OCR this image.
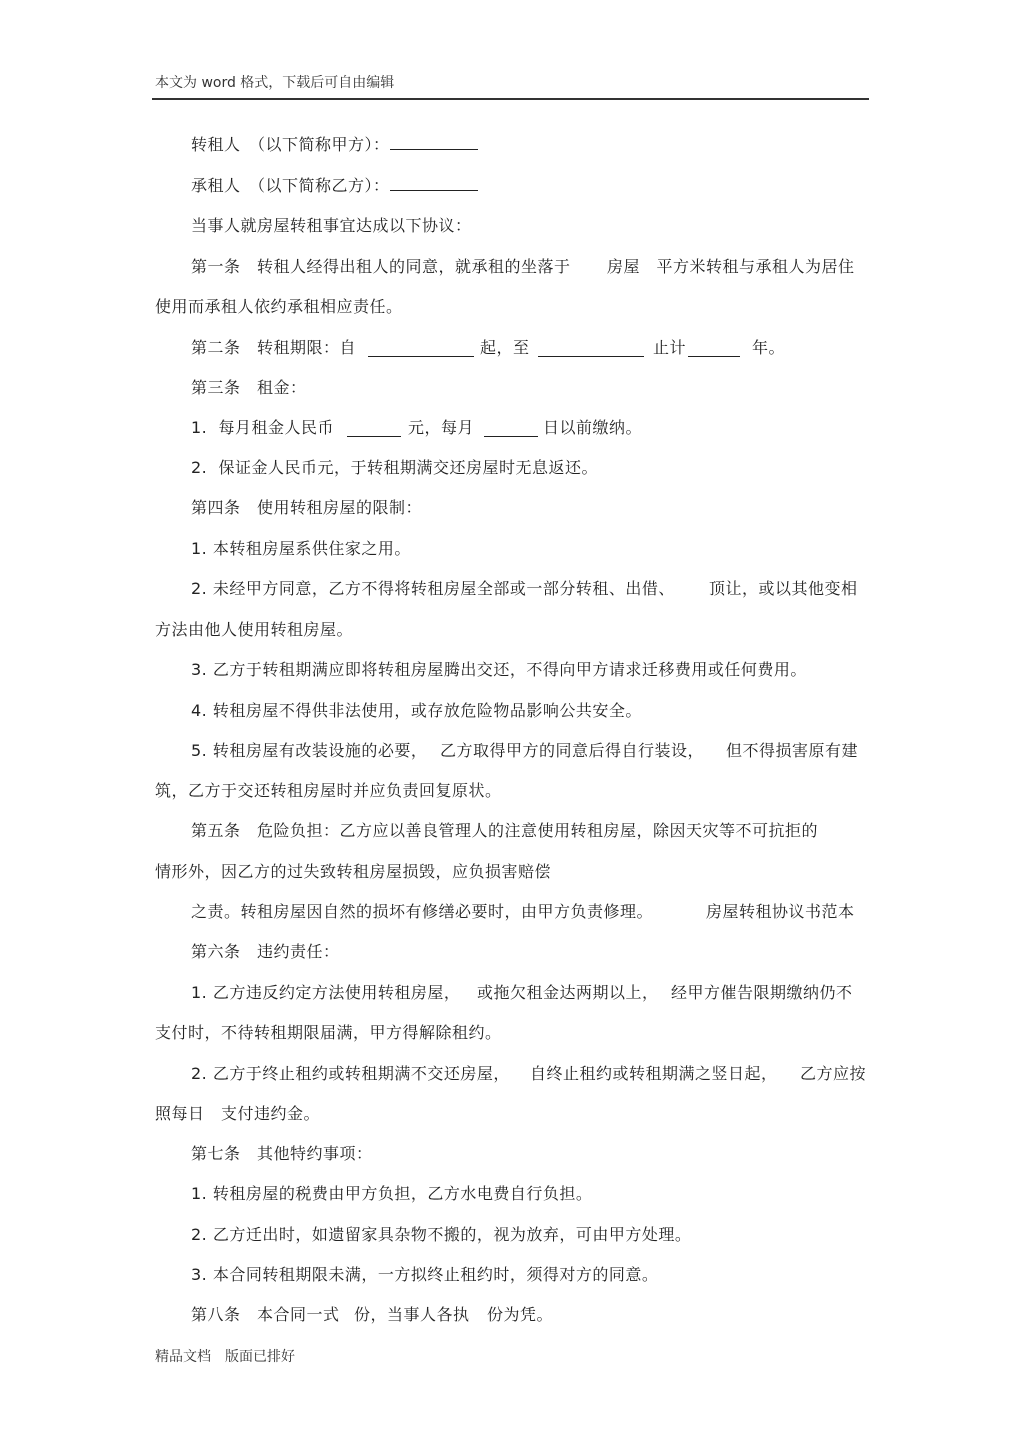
本文为 word 格式，下载后可自由编辑
转租人　（以下简称甲方）：
承租人　（以下简称乙方）：
当事人就房屋转租事宜达成以下协议：
第一条　转租人经得出租人的同意，就承租的坐落于 房屋　平方米转租与承租人为居住
使用而承租人依约承租相应责任。
第二条　转租期限：自	起，至	止计	年。
第三条　租金：
1.  每月租金人民币	元，每月	日以前缴纳。
2.  保证金人民币元，于转租期满交还房屋时无息返还。
第四条　使用转租房屋的限制：
1. 本转租房屋系供住家之用。
2. 未经甲方同意，乙方不得将转租房屋全部或一部分转租、出借、 顶让，或以其他变相
方法由他人使用转租房屋。
3. 乙方于转租期满应即将转租房屋腾出交还，不得向甲方请求迁移费用或任何费用。
4. 转租房屋不得供非法使用，或存放危险物品影响公共安全。
5. 转租房屋有改装设施的必要， 乙方取得甲方的同意后得自行装设， 但不得损害原有建
筑，乙方于交还转租房屋时并应负责回复原状。
第五条　危险负担：乙方应以善良管理人的注意使用转租房屋，除因天灾等不可抗拒的
情形外，因乙方的过失致转租房屋损毁，应负损害赔偿
之责。转租房屋因自然的损坏有修缮必要时，由甲方负责修理。	房屋转租协议书范本
第六条　违约责任：
1. 乙方违反约定方法使用转租房屋， 或拖欠租金达两期以上， 经甲方催告限期缴纳仍不
支付时，不待转租期限届满，甲方得解除租约。
2. 乙方于终止租约或转租期满不交还房屋， 自终止租约或转租期满之竖日起， 乙方应按
照每日　支付违约金。
第七条　其他特约事项：
1. 转租房屋的税费由甲方负担，乙方水电费自行负担。
2. 乙方迁出时，如遗留家具杂物不搬的，视为放弃，可由甲方处理。
3. 本合同转租期限未满，一方拟终止租约时，须得对方的同意。
第八条　本合同一式 份，当事人各执 份为凭。
精品文档　版面已排好
